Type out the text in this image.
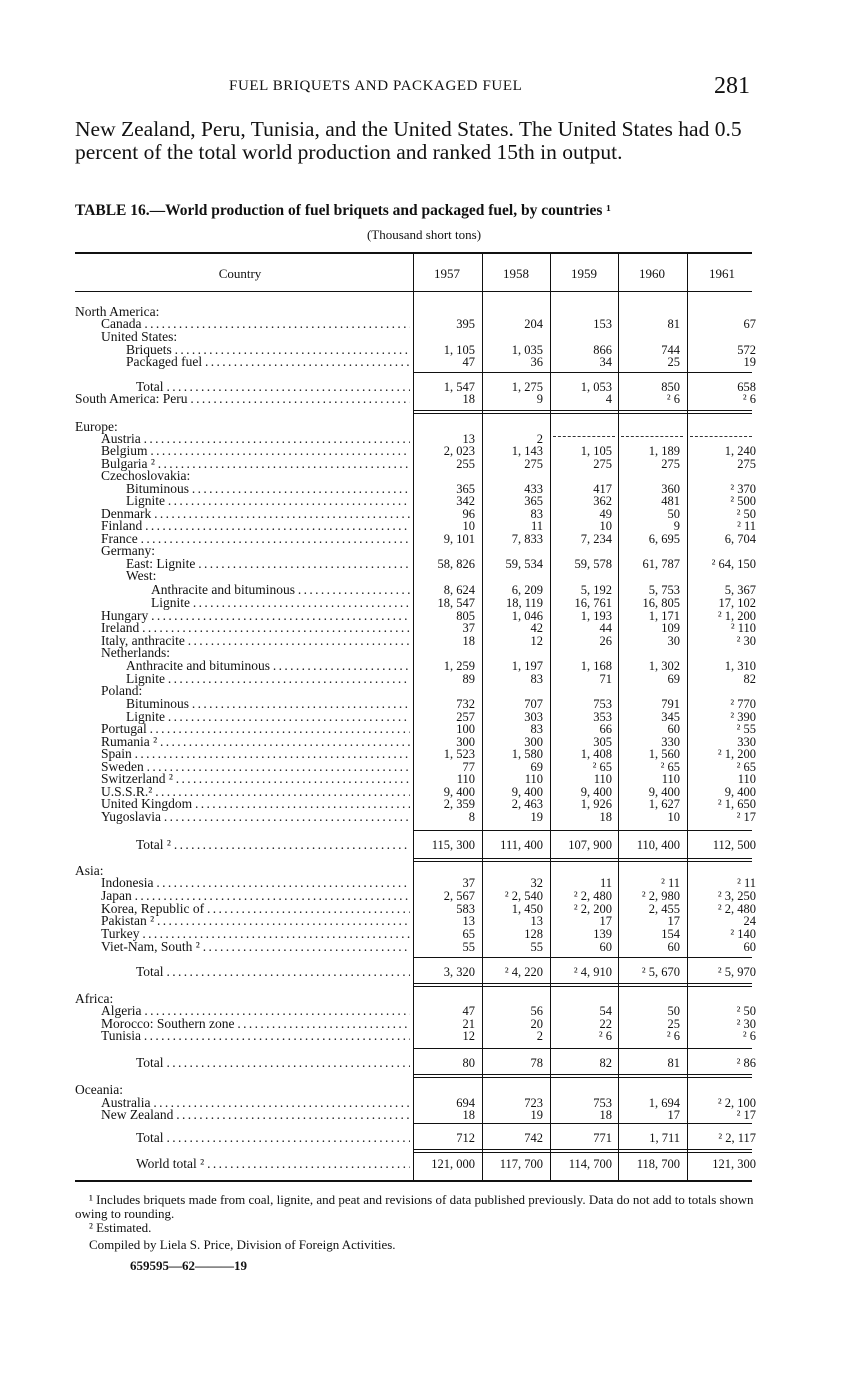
FUEL BRIQUETS AND PACKAGED FUEL	281
New Zealand, Peru, Tunisia, and the United States. The United States had 0.5 percent of the total world production and ranked 15th in output.
TABLE 16.—World production of fuel briquets and packaged fuel, by countries ¹
(Thousand short tons)
Country	1957	1958	1959	1960	1961
North America:
Canada . . .	395	204	153	81	67
United States:
Briquets . . .	1, 105	1, 035	866	744	572
Packaged fuel . . .	47	36	34	25	19
Total . . .	1, 547	1, 275	1, 053	850	658
South America: Peru . . .	18	9	4	² 6	² 6
Europe:
Austria . . .	13	2
Belgium . . .	2, 023	1, 143	1, 105	1, 189	1, 240
Bulgaria ² . . .	255	275	275	275	275
Czechoslovakia:
Bituminous . . .	365	433	417	360	² 370
Lignite . . .	342	365	362	481	² 500
Denmark . . .	96	83	49	50	² 50
Finland . . .	10	11	10	9	² 11
France . . .	9, 101	7, 833	7, 234	6, 695	6, 704
Germany:
East: Lignite . . .	58, 826	59, 534	59, 578	61, 787	² 64, 150
West:
Anthracite and bituminous . . .	8, 624	6, 209	5, 192	5, 753	5, 367
Lignite . . .	18, 547	18, 119	16, 761	16, 805	17, 102
Hungary . . .	805	1, 046	1, 193	1, 171	² 1, 200
Ireland . . .	37	42	44	109	² 110
Italy, anthracite . . .	18	12	26	30	² 30
Netherlands:
Anthracite and bituminous . . .	1, 259	1, 197	1, 168	1, 302	1, 310
Lignite . . .	89	83	71	69	82
Poland:
Bituminous . . .	732	707	753	791	² 770
Lignite . . .	257	303	353	345	² 390
Portugal . . .	100	83	66	60	² 55
Rumania ² . . .	300	300	305	330	330
Spain . . .	1, 523	1, 580	1, 408	1, 560	² 1, 200
Sweden . . .	77	69	² 65	² 65	² 65
Switzerland ² . . .	110	110	110	110	110
U.S.S.R.² . . .	9, 400	9, 400	9, 400	9, 400	9, 400
United Kingdom . . .	2, 359	2, 463	1, 926	1, 627	² 1, 650
Yugoslavia . . .	8	19	18	10	² 17
Total ² . . .	115, 300	111, 400	107, 900	110, 400	112, 500
Asia:
Indonesia . . .	37	32	11	² 11	² 11
Japan . . .	2, 567	² 2, 540	² 2, 480	² 2, 980	² 3, 250
Korea, Republic of . . .	583	1, 450	² 2, 200	2, 455	² 2, 480
Pakistan ² . . .	13	13	17	17	24
Turkey . . .	65	128	139	154	² 140
Viet-Nam, South ² . . .	55	55	60	60	60
Total . . .	3, 320	² 4, 220	² 4, 910	² 5, 670	² 5, 970
Africa:
Algeria . . .	47	56	54	50	² 50
Morocco: Southern zone . . .	21	20	22	25	² 30
Tunisia . . .	12	2	² 6	² 6	² 6
Total . . .	80	78	82	81	² 86
Oceania:
Australia . . .	694	723	753	1, 694	² 2, 100
New Zealand . . .	18	19	18	17	² 17
Total . . .	712	742	771	1, 711	² 2, 117
World total ² . . .	121, 000	117, 700	114, 700	118, 700	121, 300
¹ Includes briquets made from coal, lignite, and peat and revisions of data published previously. Data do not add to totals shown owing to rounding.
² Estimated.
Compiled by Liela S. Price, Division of Foreign Activities.
659595—62———19
